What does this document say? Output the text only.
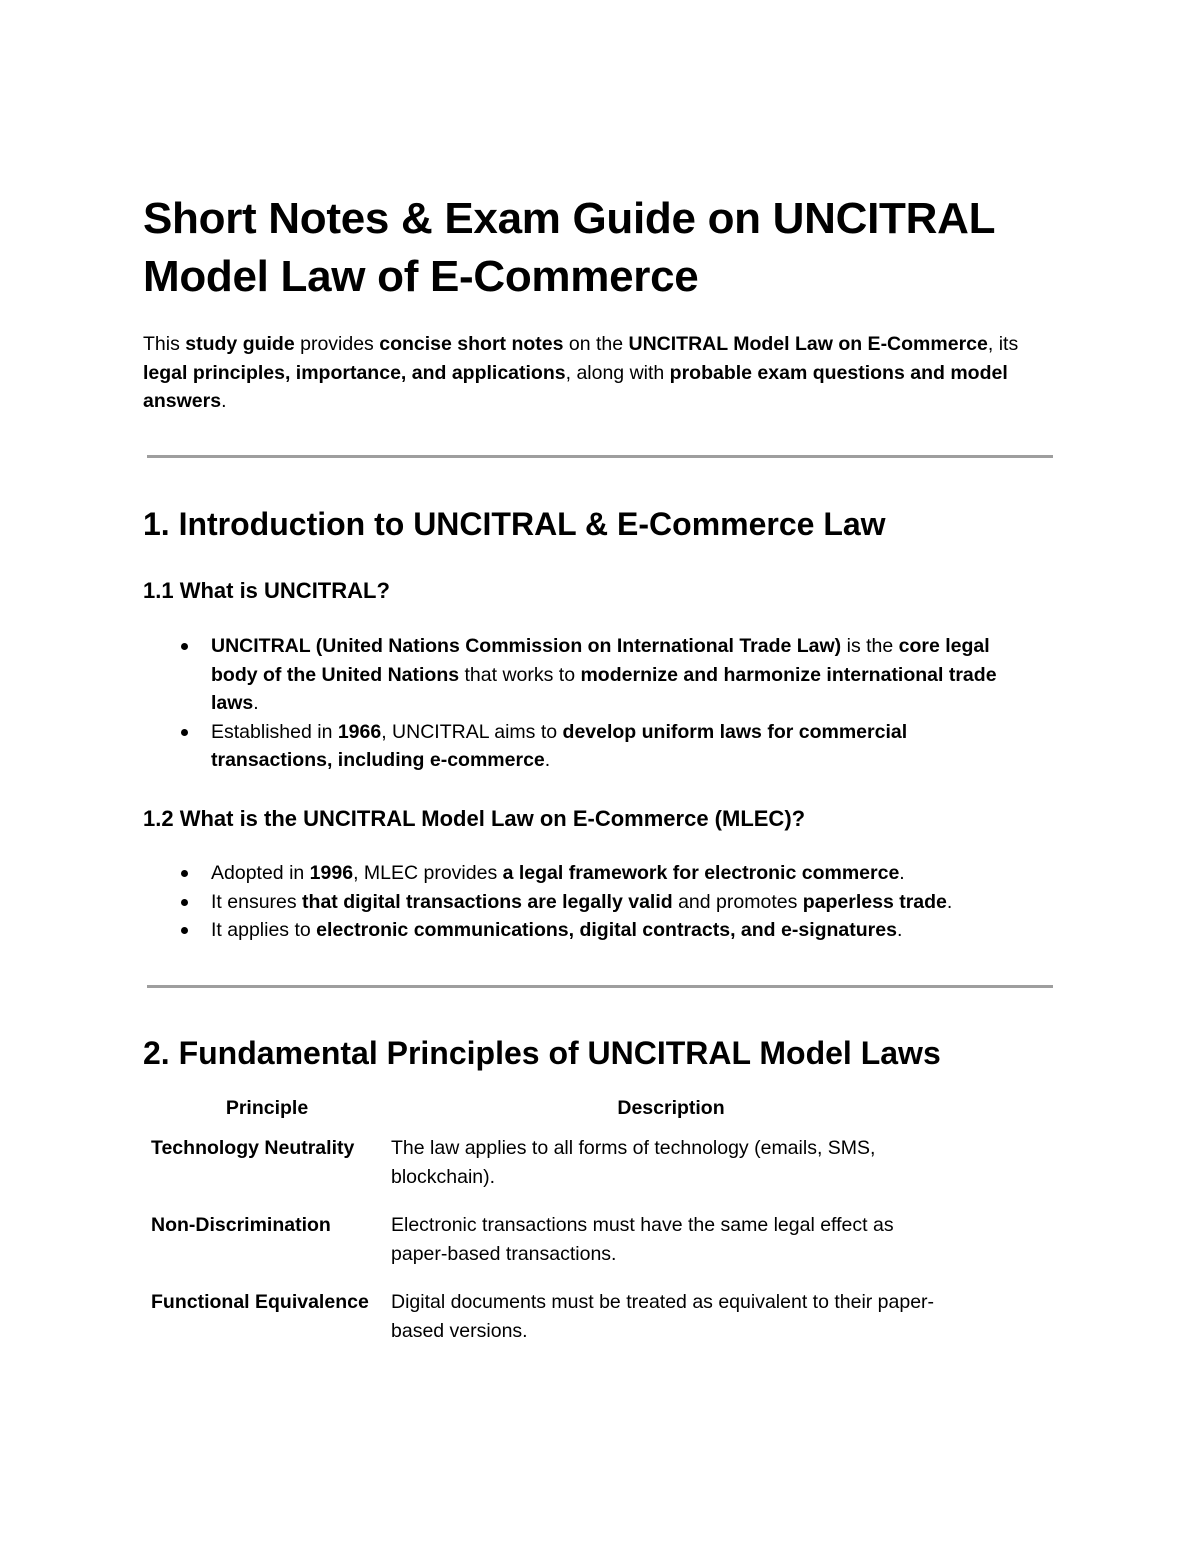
Short Notes & Exam Guide on UNCITRAL
Model Law of E-Commerce

This study guide provides concise short notes on the UNCITRAL Model Law on E-Commerce, its legal principles, importance, and applications, along with probable exam questions and model answers.

1. Introduction to UNCITRAL & E-Commerce Law
1.1 What is UNCITRAL?
UNCITRAL (United Nations Commission on International Trade Law) is the core legal body of the United Nations that works to modernize and harmonize international trade laws.
Established in 1966, UNCITRAL aims to develop uniform laws for commercial transactions, including e-commerce.
1.2 What is the UNCITRAL Model Law on E-Commerce (MLEC)?
Adopted in 1996, MLEC provides a legal framework for electronic commerce.
It ensures that digital transactions are legally valid and promotes paperless trade.
It applies to electronic communications, digital contracts, and e-signatures.
2. Fundamental Principles of UNCITRAL Model Laws
Principle	Description
Technology Neutrality	The law applies to all forms of technology (emails, SMS, blockchain).
Non-Discrimination	Electronic transactions must have the same legal effect as paper-based transactions.
Functional Equivalence	Digital documents must be treated as equivalent to their paper-based versions.
